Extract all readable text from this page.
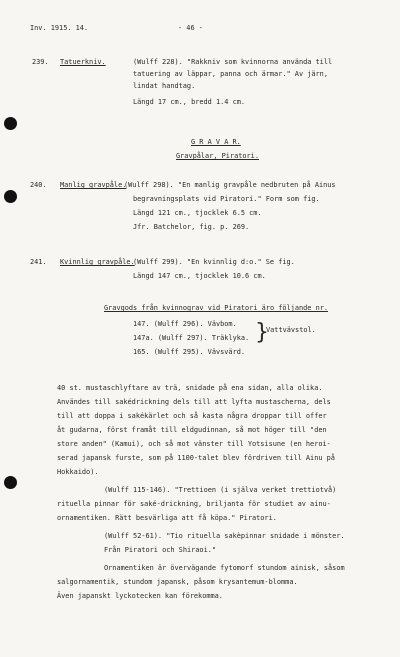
Inv. 1915. 14.	- 46 -
239. Tatuerkniv.	(Wulff 228). "Rakkniv som kvinnorna använda till
tatuering av läppar, panna och ärmar." Av järn,
lindat handtag.
Längd 17 cm., bredd 1.4 cm.
G R A V A R.
Gravpålar, Piratori.
240. Manlig gravpåle.
(Wulff 298). "En manlig gravpåle nedbruten på Ainus
begravningsplats vid Piratori." Form som fig.
Längd 121 cm., tjocklek 6.5 cm.
Jfr. Batchelor, fig. p. 269.
241. Kvinnlig gravpåle.
(Wulff 299). "En kvinnlig d:o." Se fig.
Längd 147 cm., tjocklek 10.6 cm.
Gravgods från kvinnograv vid Piratori äro följande nr.
147. (Wulff 296). Vävbom.
147a. (Wulff 297). Träklyka.
165. (Wulff 295). Vävsvärd.
}
Vattvävstol.
40 st. mustaschlyftare av trä, snidade på ena sidan, alla olika.
Användes till sakédrickning dels till att lyfta mustascherna, dels
till att doppa i sakékärlet och så kasta några droppar till offer
åt gudarna, först framåt till eldgudinnan, så mot höger till "den
store anden" (Kamui), och så mot vänster till Yotsisune (en heroi-
serad japansk furste, som på 1100-talet blev fördriven till Ainu på
Hokkaido).
(Wulff 115-146). "Trettioen (i själva verket trettiotvå)
rituella pinnar för saké-drickning, briljanta för studiet av ainu-
ornamentiken. Rätt besvärliga att få köpa." Piratori.
(Wulff 52-61). "Tio rituella sakèpinnar snidade i mönster.
Från Piratori och Shiraoi."
Ornamentiken är övervägande fytomorf stundom ainisk, såsom
salgornamentik, stundom japansk, påsom krysantemum-blomma.
Även japanskt lyckotecken kan förekomma.
